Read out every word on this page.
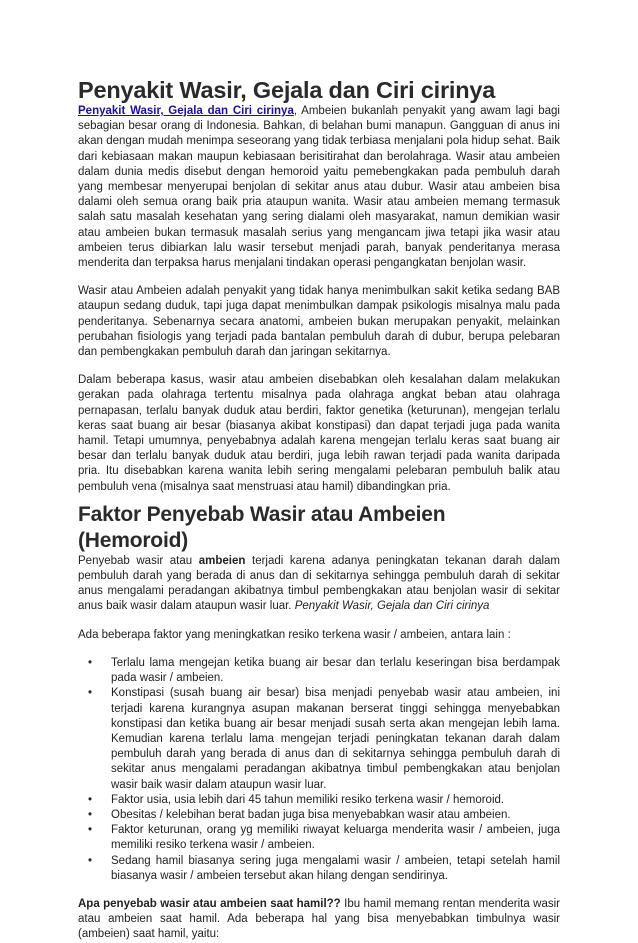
Penyakit Wasir, Gejala dan Ciri cirinya

Penyakit Wasir, Gejala dan Ciri cirinya, Ambeien bukanlah penyakit yang awam lagi bagi sebagian besar orang di Indonesia. Bahkan, di belahan bumi manapun. Gangguan di anus ini akan dengan mudah menimpa seseorang yang tidak terbiasa menjalani pola hidup sehat. Baik dari kebiasaan makan maupun kebiasaan berisitirahat dan berolahraga. Wasir atau ambeien dalam dunia medis disebut dengan hemoroid yaitu pemebengkakan pada pembuluh darah yang membesar menyerupai benjolan di sekitar anus atau dubur. Wasir atau ambeien bisa dalami oleh semua orang baik pria ataupun wanita. Wasir atau ambeien memang termasuk salah satu masalah kesehatan yang sering dialami oleh masyarakat, namun demikian wasir atau ambeien bukan termasuk masalah serius yang mengancam jiwa tetapi jika wasir atau ambeien terus dibiarkan lalu wasir tersebut menjadi parah, banyak penderitanya merasa menderita dan terpaksa harus menjalani tindakan operasi pengangkatan benjolan wasir.

Wasir atau Ambeien adalah penyakit yang tidak hanya menimbulkan sakit ketika sedang BAB ataupun sedang duduk, tapi juga dapat menimbulkan dampak psikologis misalnya malu pada penderitanya. Sebenarnya secara anatomi, ambeien bukan merupakan penyakit, melainkan perubahan fisiologis yang terjadi pada bantalan pembuluh darah di dubur, berupa pelebaran dan pembengkakan pembuluh darah dan jaringan sekitarnya.

Dalam beberapa kasus, wasir atau ambeien disebabkan oleh kesalahan dalam melakukan gerakan pada olahraga tertentu misalnya pada olahraga angkat beban atau olahraga pernapasan, terlalu banyak duduk atau berdiri, faktor genetika (keturunan), mengejan terlalu keras saat buang air besar (biasanya akibat konstipasi) dan dapat terjadi juga pada wanita hamil. Tetapi umumnya, penyebabnya adalah karena mengejan terlalu keras saat buang air besar dan terlalu banyak duduk atau berdiri, juga lebih rawan terjadi pada wanita daripada pria. Itu disebabkan karena wanita lebih sering mengalami pelebaran pembuluh balik atau pembuluh vena (misalnya saat menstruasi atau hamil) dibandingkan pria.

Faktor Penyebab Wasir atau Ambeien (Hemoroid)

Penyebab wasir atau ambeien terjadi karena adanya peningkatan tekanan darah dalam pembuluh darah yang berada di anus dan di sekitarnya sehingga pembuluh darah di sekitar anus mengalami peradangan akibatnya timbul pembengkakan atau benjolan wasir di sekitar anus baik wasir dalam ataupun wasir luar. Penyakit Wasir, Gejala dan Ciri cirinya

Ada beberapa faktor yang meningkatkan resiko terkena wasir / ambeien, antara lain :

• Terlalu lama mengejan ketika buang air besar dan terlalu keseringan bisa berdampak pada wasir / ambeien.
• Konstipasi (susah buang air besar) bisa menjadi penyebab wasir atau ambeien, ini terjadi karena kurangnya asupan makanan berserat tinggi sehingga menyebabkan konstipasi dan ketika buang air besar menjadi susah serta akan mengejan lebih lama. Kemudian karena terlalu lama mengejan terjadi peningkatan tekanan darah dalam pembuluh darah yang berada di anus dan di sekitarnya sehingga pembuluh darah di sekitar anus mengalami peradangan akibatnya timbul pembengkakan atau benjolan wasir baik wasir dalam ataupun wasir luar.
• Faktor usia, usia lebih dari 45 tahun memiliki resiko terkena wasir / hemoroid.
• Obesitas / kelebihan berat badan juga bisa menyebabkan wasir atau ambeien.
• Faktor keturunan, orang yg memiliki riwayat keluarga menderita wasir / ambeien, juga memiliki resiko terkena wasir / ambeien.
• Sedang hamil biasanya sering juga mengalami wasir / ambeien, tetapi setelah hamil biasanya wasir / ambeien tersebut akan hilang dengan sendirinya.

Apa penyebab wasir atau ambeien saat hamil?? Ibu hamil memang rentan menderita wasir atau ambeien saat hamil. Ada beberapa hal yang bisa menyebabkan timbulnya wasir (ambeien) saat hamil, yaitu:
